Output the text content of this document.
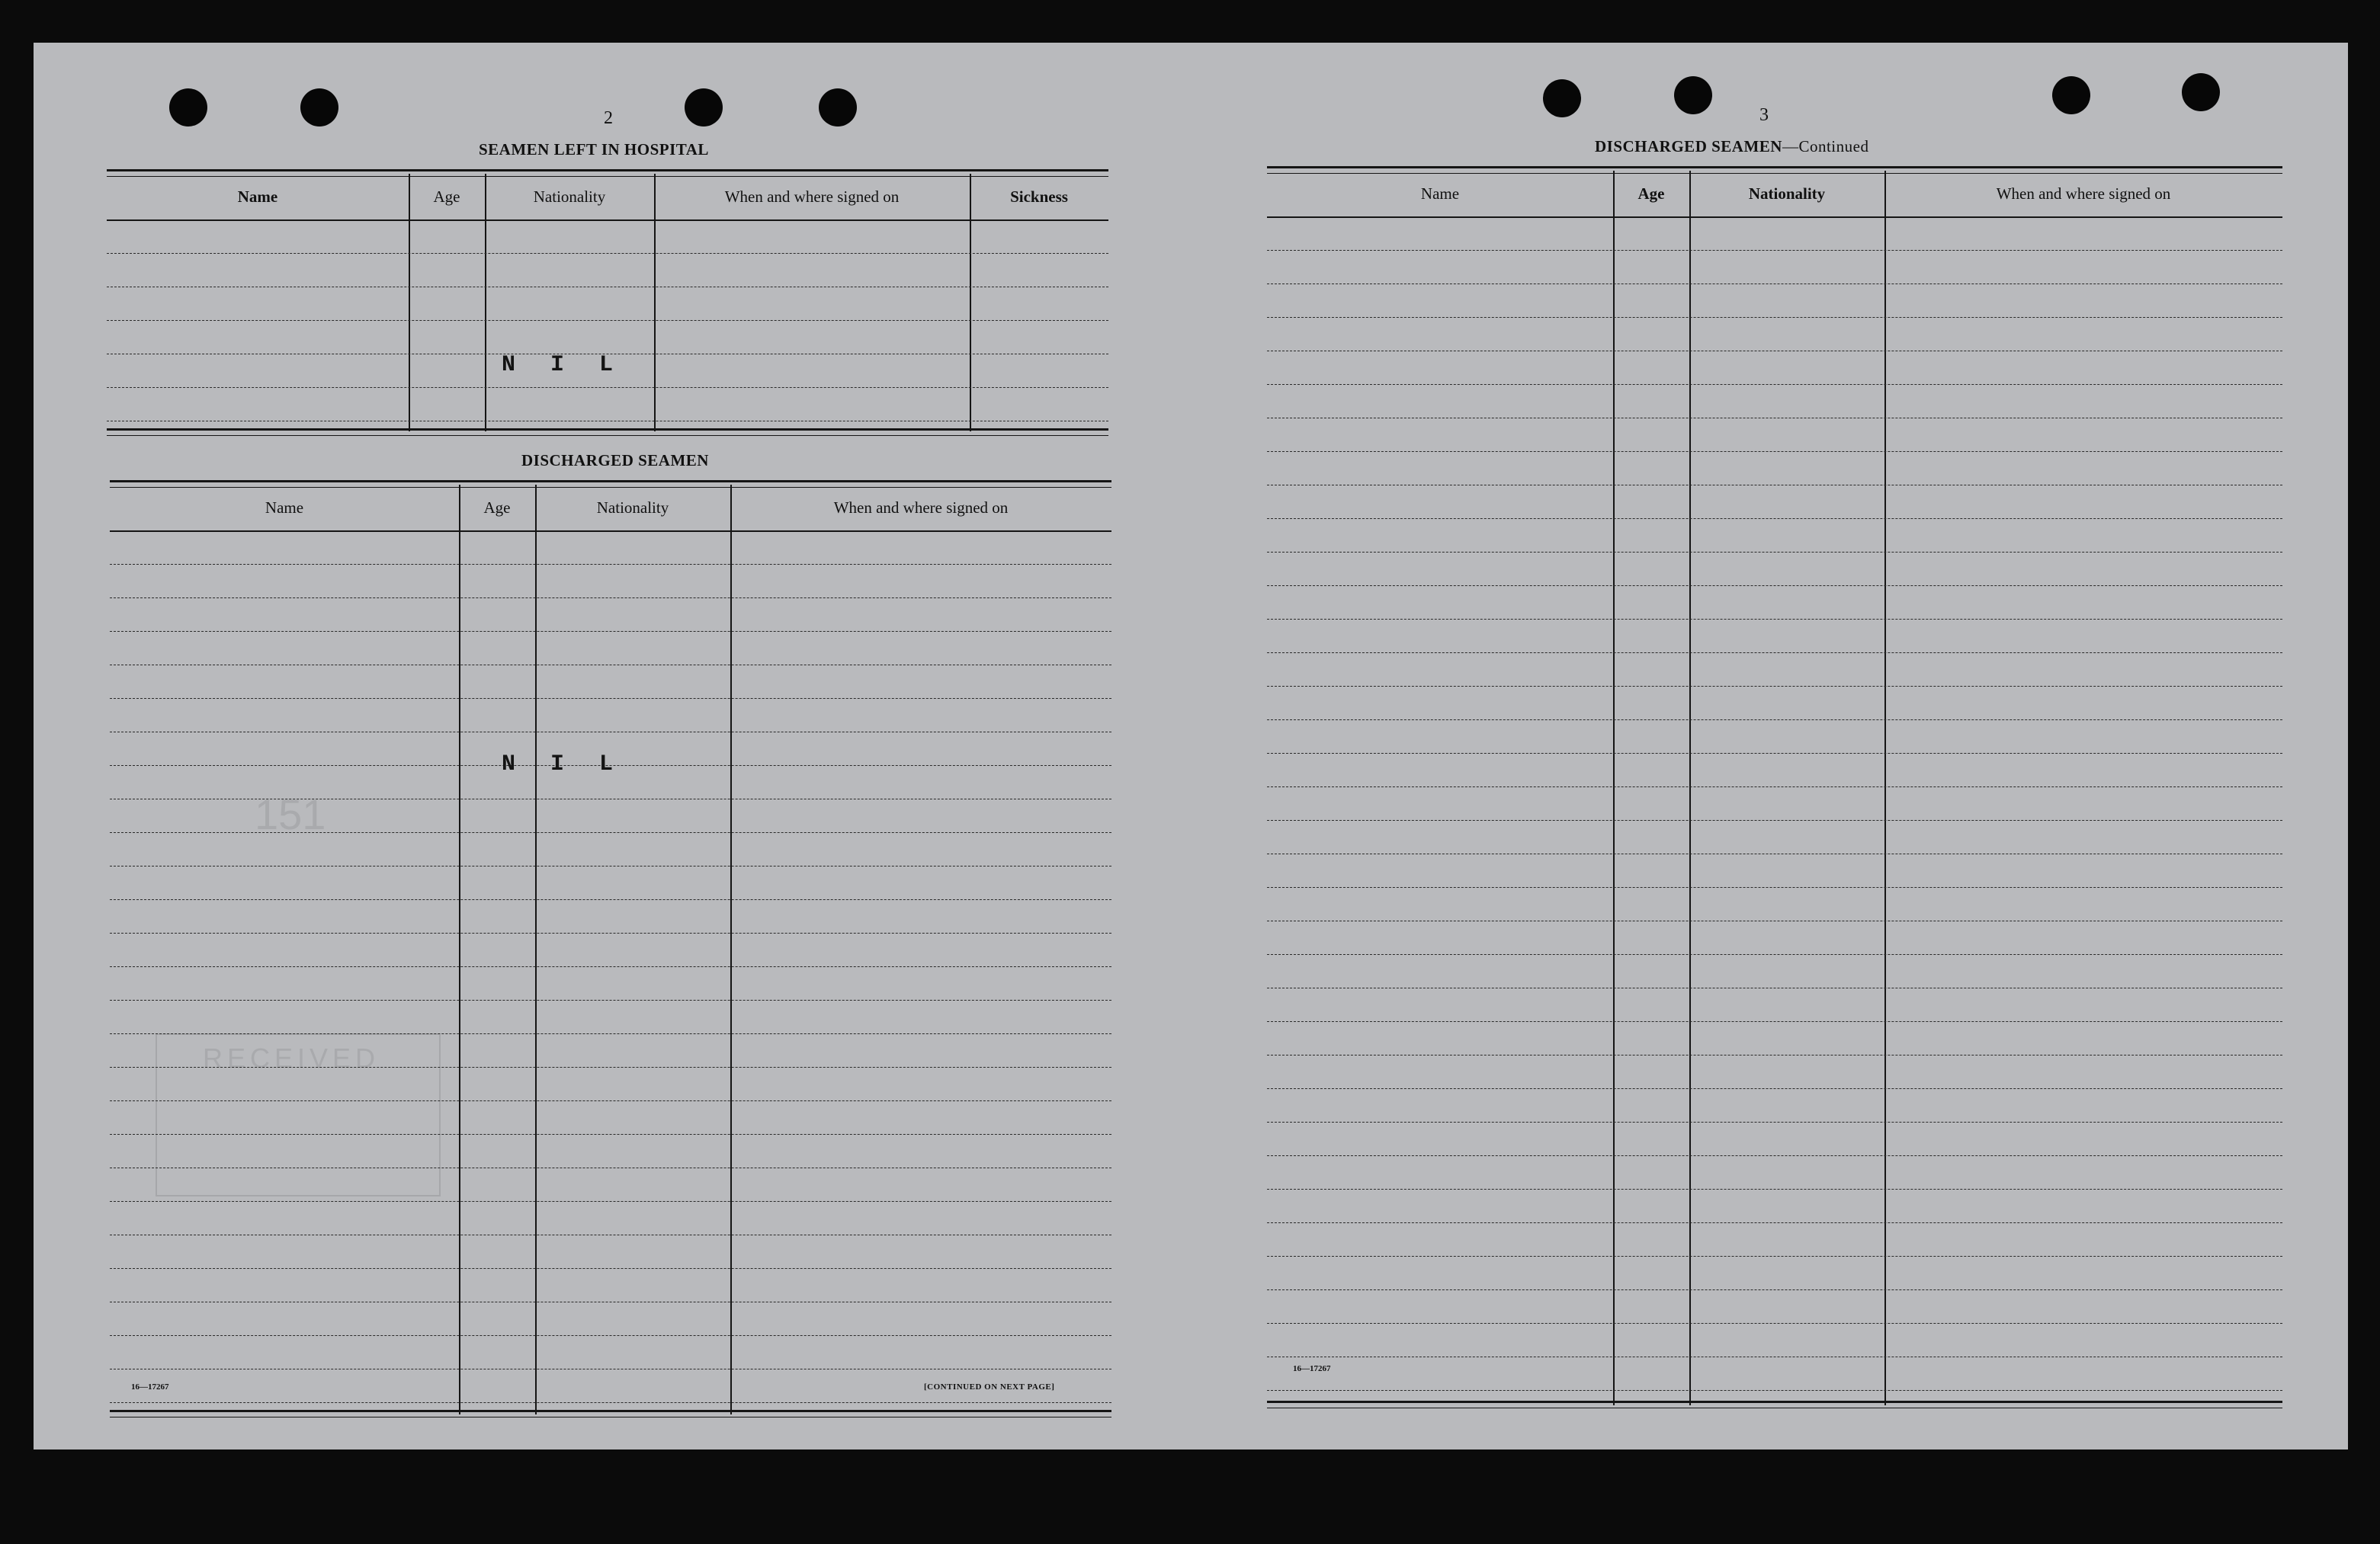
151
RECEIVED
2
SEAMEN LEFT IN HOSPITAL
Name	Age	Nationality	When and where signed on	Sickness
N I L
DISCHARGED SEAMEN
Name	Age	Nationality	When and where signed on
N I L
16—17267	[CONTINUED ON NEXT PAGE]
3
DISCHARGED SEAMEN—Continued
Name	Age	Nationality	When and where signed on
16—17267
